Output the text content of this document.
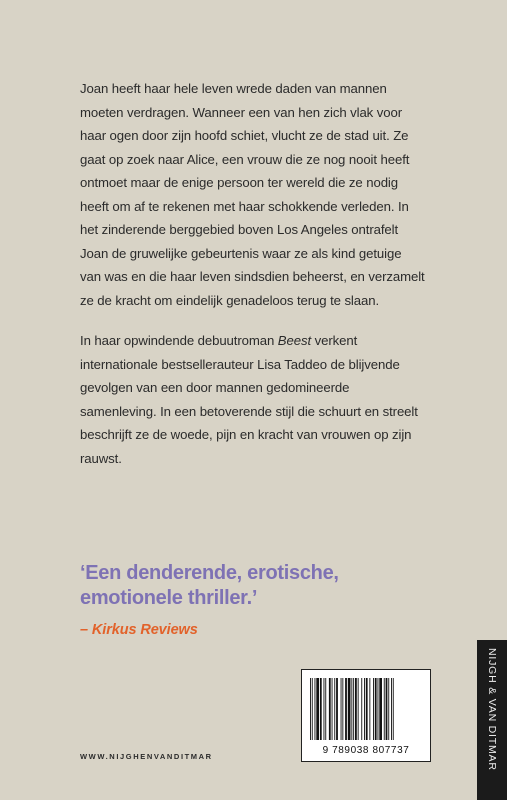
Joan heeft haar hele leven wrede daden van mannen moeten verdragen. Wanneer een van hen zich vlak voor haar ogen door zijn hoofd schiet, vlucht ze de stad uit. Ze gaat op zoek naar Alice, een vrouw die ze nog nooit heeft ontmoet maar de enige persoon ter wereld die ze nodig heeft om af te rekenen met haar schokkende verleden. In het zinderende berggebied boven Los Angeles ontrafelt Joan de gruwelijke gebeurtenis waar ze als kind getuige van was en die haar leven sindsdien beheerst, en verzamelt ze de kracht om eindelijk genadeloos terug te slaan.

In haar opwindende debuutroman Beest verkent internationale bestsellerauteur Lisa Taddeo de blijvende gevolgen van een door mannen gedomineerde samenleving. In een betoverende stijl die schuurt en streelt beschrijft ze de woede, pijn en kracht van vrouwen op zijn rauwst.

‘Een denderende, erotische, emotionele thriller.’
– Kirkus Reviews
WWW.NIJGHENVANDITMAR
9 789038 807737	NIJGH & VAN DITMAR
